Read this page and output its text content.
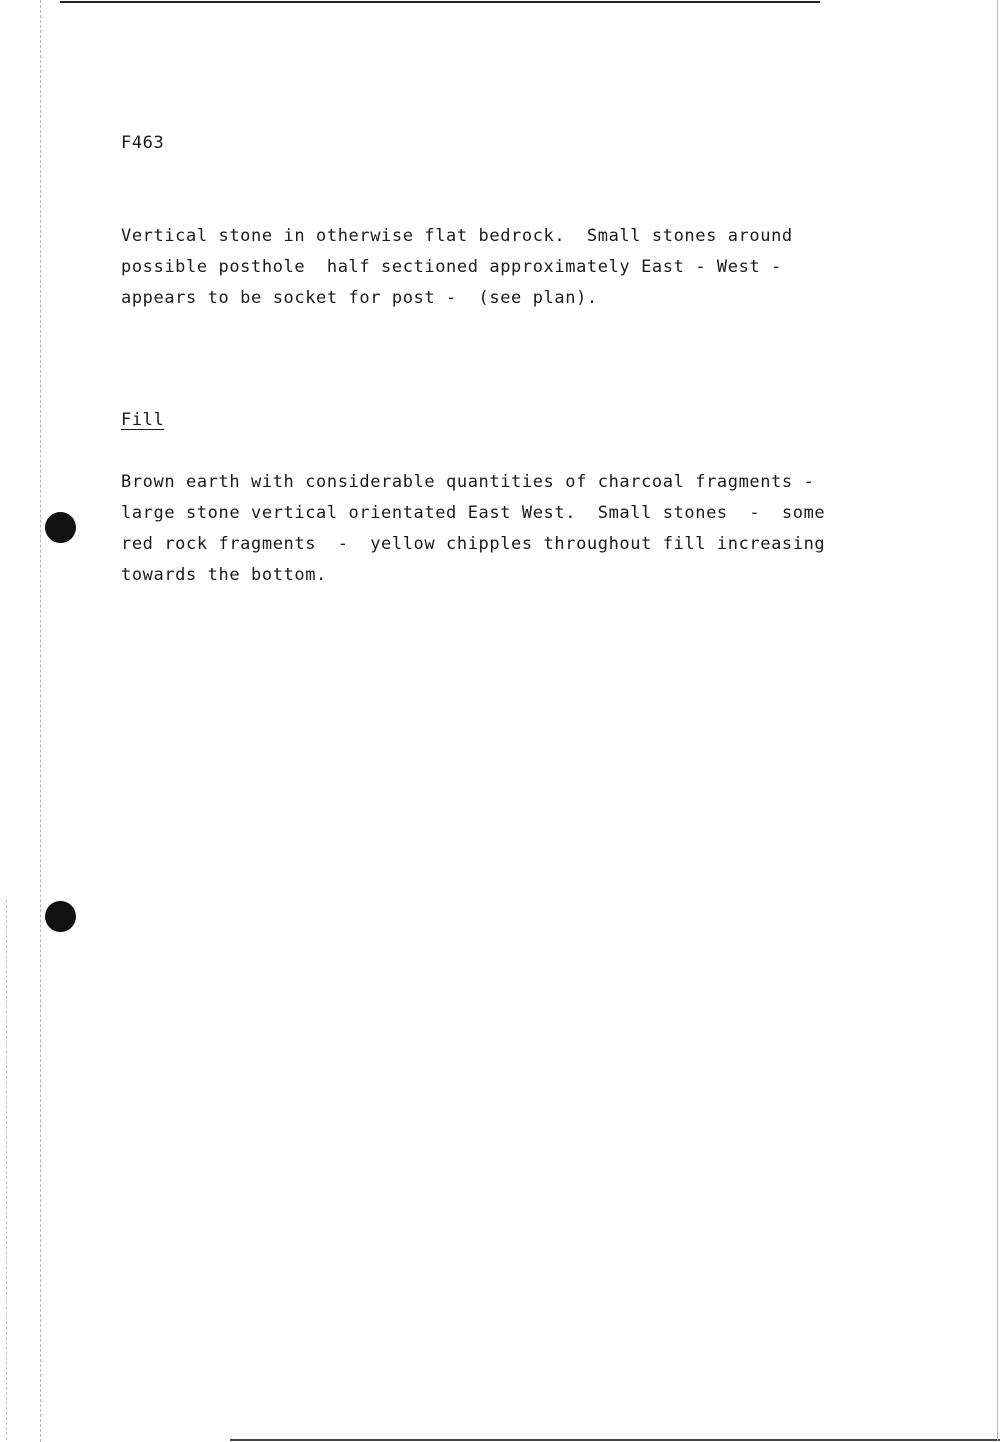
F463

Vertical stone in otherwise flat bedrock.  Small stones around
possible posthole  half sectioned approximately East - West -
appears to be socket for post -  (see plan).

Fill

Brown earth with considerable quantities of charcoal fragments -
large stone vertical orientated East West.  Small stones  -  some
red rock fragments  -  yellow chipples throughout fill increasing
towards the bottom.
